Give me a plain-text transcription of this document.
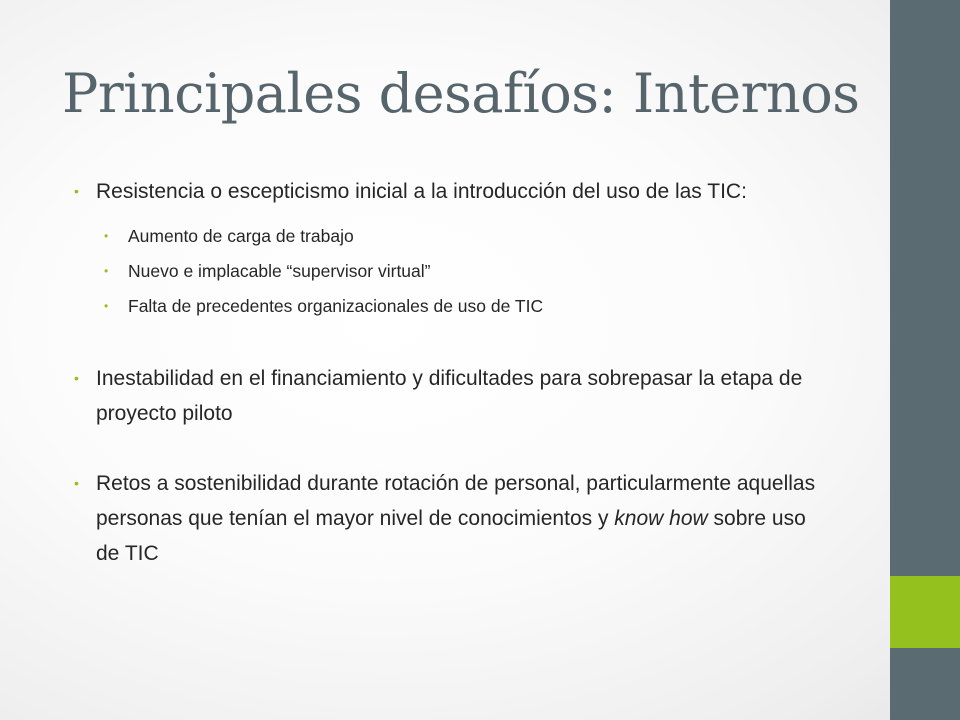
Principales desafíos: Internos
• Resistencia o escepticismo inicial a la introducción del uso de las TIC:
• Aumento de carga de trabajo
• Nuevo e implacable “supervisor virtual”
• Falta de precedentes organizacionales de uso de TIC
• Inestabilidad en el financiamiento y dificultades para sobrepasar la etapa de proyecto piloto
• Retos a sostenibilidad durante rotación de personal, particularmente aquellas personas que tenían el mayor nivel de conocimientos y know how sobre uso de TIC
